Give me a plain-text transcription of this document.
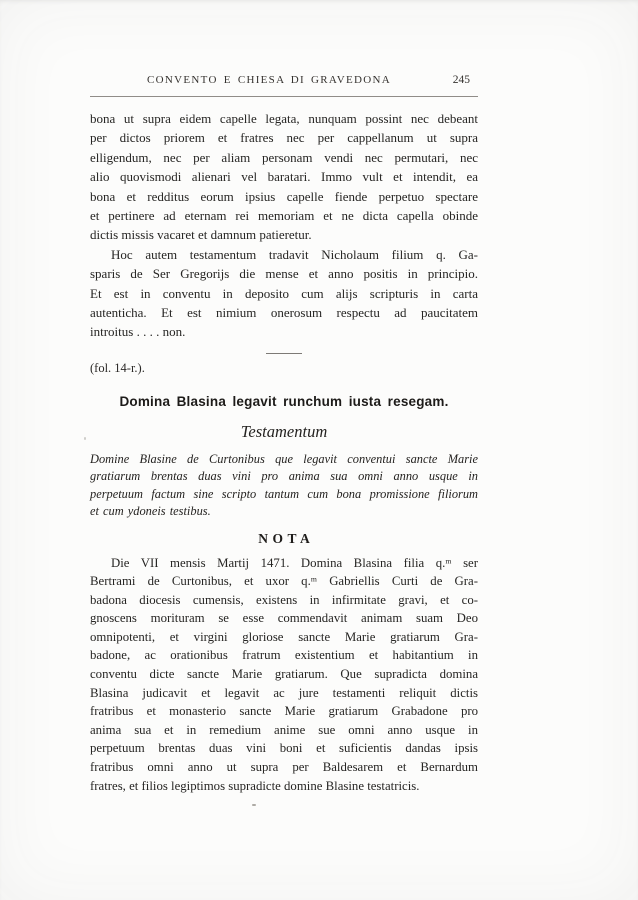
CONVENTO E CHIESA DI GRAVEDONA	245
bona ut supra eidem capelle legata, nunquam possint nec debeant
per dictos priorem et fratres nec per cappellanum ut supra
elligendum, nec per aliam personam vendi nec permutari, nec
alio quovismodi alienari vel baratari. Immo vult et intendit, ea
bona et redditus eorum ipsius capelle fiende perpetuo spectare
et pertinere ad eternam rei memoriam et ne dicta capella obinde
dictis missis vacaret et damnum patieretur.
Hoc autem testamentum tradavit Nicholaum filium q. Ga-
sparis de Ser Gregorijs die mense et anno positis in principio.
Et est in conventu in deposito cum alijs scripturis in carta
autenticha. Et est nimium onerosum respectu ad paucitatem
introitus . . . . non.
(fol. 14-r.).
Domina Blasina legavit runchum iusta resegam.
Testamentum
Domine Blasine de Curtonibus que legavit conventui sancte Marie
gratiarum brentas duas vini pro anima sua omni anno usque in
perpetuum factum sine scripto tantum cum bona promissione filiorum
et cum ydoneis testibus.
NOTA
Die VII mensis Martij 1471. Domina Blasina filia q.ᵐ ser
Bertrami de Curtonibus, et uxor q.ᵐ Gabriellis Curti de Gra-
badona diocesis cumensis, existens in infirmitate gravi, et co-
gnoscens morituram se esse commendavit animam suam Deo
omnipotenti, et virgini gloriose sancte Marie gratiarum Gra-
badone, ac orationibus fratrum existentium et habitantium in
conventu dicte sancte Marie gratiarum. Que supradicta domina
Blasina judicavit et legavit ac jure testamenti reliquit dictis
fratribus et monasterio sancte Marie gratiarum Grabadone pro
anima sua et in remedium anime sue omni anno usque in
perpetuum brentas duas vini boni et suficientis dandas ipsis
fratribus omni anno ut supra per Baldesarem et Bernardum
fratres, et filios legiptimos supradicte domine Blasine testatricis.
